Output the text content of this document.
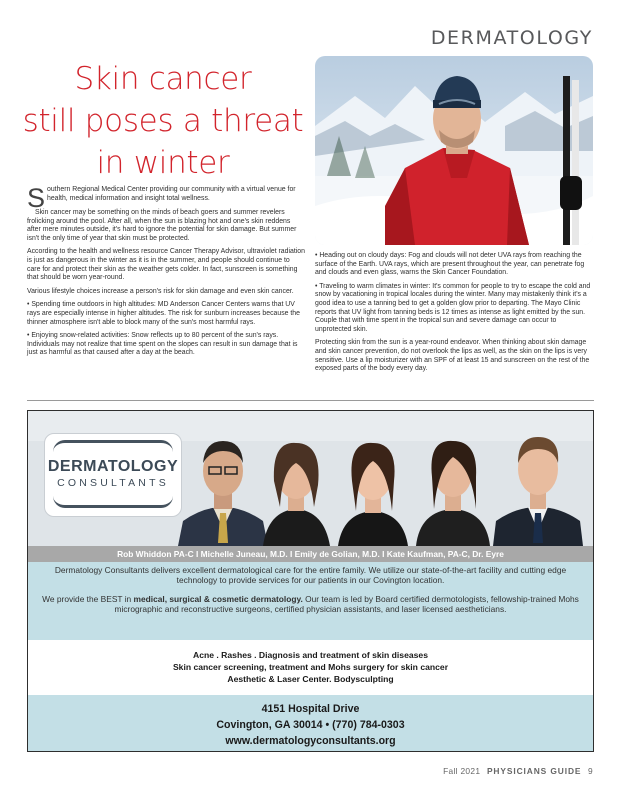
DERMATOLOGY
Skin cancer
still poses a threat
in winter

Southern Regional Medical Center providing our community with a virtual venue for health, medical information and insight total wellness.

Skin cancer may be something on the minds of beach goers and summer revelers frolicking around the pool. After all, when the sun is blazing hot and one's skin reddens after mere minutes outside, it's hard to ignore the potential for skin damage. But summer isn't the only time of year that skin must be protected.

According to the health and wellness resource Cancer Therapy Advisor, ultraviolet radiation is just as dangerous in the winter as it is in the summer, and people should continue to care for and protect their skin as the weather gets colder. In fact, sunscreen is something that should be worn year-round.

Various lifestyle choices increase a person's risk for skin damage and even skin cancer.

• Spending time outdoors in high altitudes: MD Anderson Cancer Centers warns that UV rays are especially intense in higher altitudes. The risk for sunburn increases because the thinner atmosphere isn't able to block many of the sun's most harmful rays.

• Enjoying snow-related activities: Snow reflects up to 80 percent of the sun's rays. Individuals may not realize that time spent on the slopes can result in sun damage that is just as harmful as that caused after a day at the beach.

• Heading out on cloudy days: Fog and clouds will not deter UVA rays from reaching the surface of the Earth. UVA rays, which are present throughout the year, can penetrate fog and clouds and even glass, warns the Skin Cancer Foundation.

• Traveling to warm climates in winter: It's common for people to try to escape the cold and snow by vacationing in tropical locales during the winter. Many may mistakenly think it's a good idea to use a tanning bed to get a golden glow prior to departing. The Mayo Clinic reports that UV light from tanning beds is 12 times as intense as light emitted by the sun. Couple that with time spent in the tropical sun and severe damage can occur to unprotected skin.

Protecting skin from the sun is a year-round endeavor. When thinking about skin damage and skin cancer prevention, do not overlook the lips as well, as the skin on the lips is very sensitive. Use a lip moisturizer with an SPF of at least 15 and sunscreen on the rest of the exposed parts of the body every day.

DERMATOLOGY
CONSULTANTS
Rob Whiddon PA-C I Michelle Juneau, M.D. I Emily de Golian, M.D. I Kate Kaufman, PA-C, Dr. Eyre

Dermatology Consultants delivers excellent dermatological care for the entire family. We utilize our state-of-the-art facility and cutting edge technology to provide services for our patients in our Covington location.

We provide the BEST in medical, surgical & cosmetic dermatology. Our team is led by Board certified dermotologists, fellowship-trained Mohs micrographic and reconstructive surgeons, certified physician assistants, and laser licensed aestheticians.

Acne . Rashes . Diagnosis and treatment of skin diseases
Skin cancer screening, treatment and Mohs surgery for skin cancer
Aesthetic & Laser Center. Bodysculpting
4151 Hospital Drive
Covington, GA 30014 • (770) 784-0303
www.dermatologyconsultants.org
Fall 2021 PHYSICIANS GUIDE 9
